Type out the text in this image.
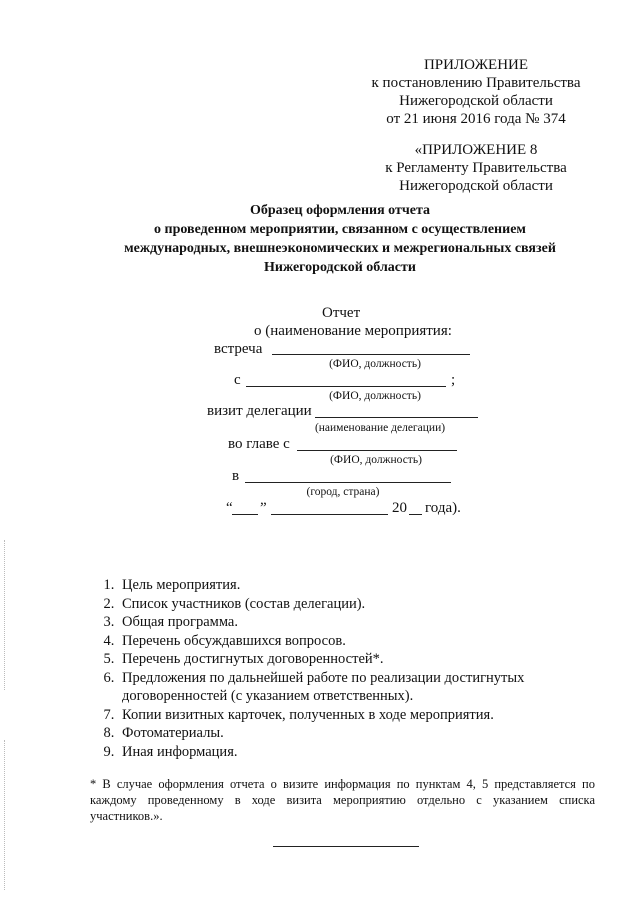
ПРИЛОЖЕНИЕ
к постановлению Правительства
Нижегородской области
от 21 июня 2016 года № 374
«ПРИЛОЖЕНИЕ 8
к Регламенту Правительства
Нижегородской области
Образец оформления отчета
о проведенном мероприятии, связанном с осуществлением
международных, внешнеэкономических и межрегиональных связей
Нижегородской области
Отчет
о (наименование мероприятия:
встреча
(ФИО, должность)
с	;
(ФИО, должность)
визит делегации
(наименование делегации)
во главе с
(ФИО, должность)
в
(город, страна)
“ ”	20 года).
1. Цель мероприятия.
2. Список участников (состав делегации).
3. Общая программа.
4. Перечень обсуждавшихся вопросов.
5. Перечень достигнутых договоренностей*.
6. Предложения по дальнейшей работе по реализации достигнутых договоренностей (с указанием ответственных).
7. Копии визитных карточек, полученных в ходе мероприятия.
8. Фотоматериалы.
9. Иная информация.
* В случае оформления отчета о визите информация по пунктам 4, 5 представляется по каждому проведенному в ходе визита мероприятию отдельно с указанием списка участников.».
